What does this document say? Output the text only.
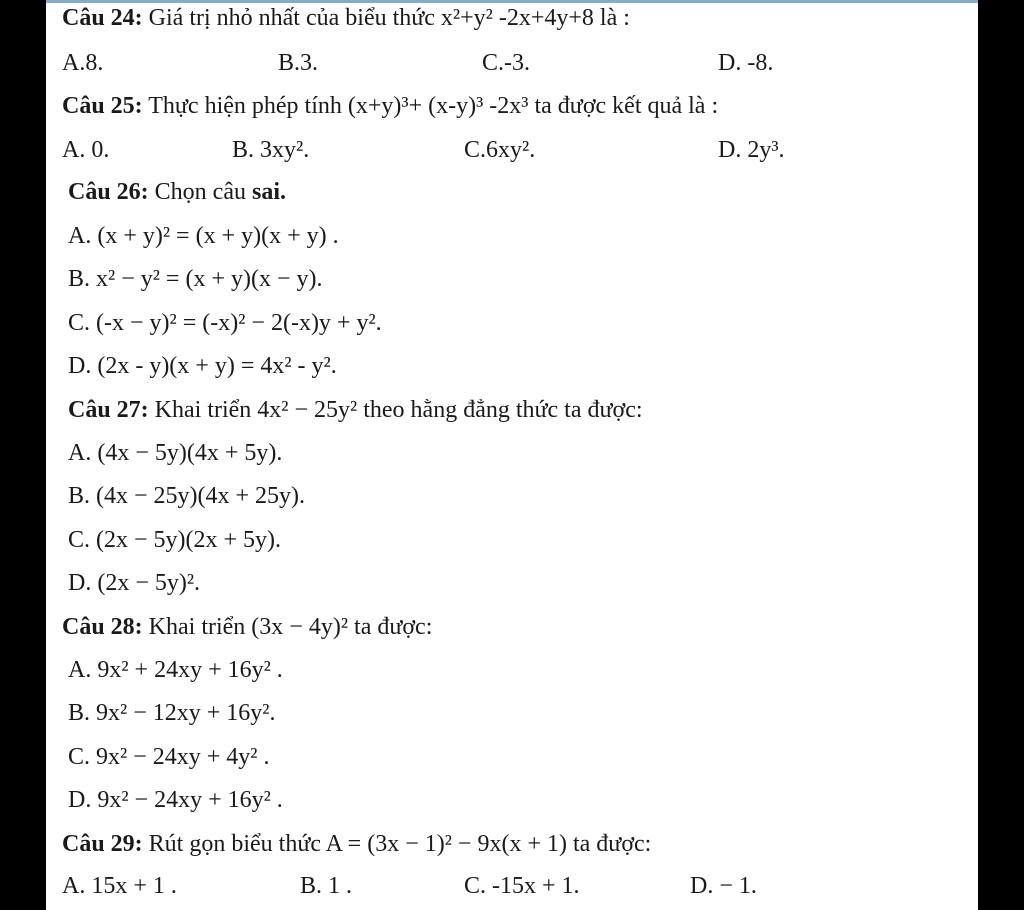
Câu 24: Giá trị nhỏ nhất của biểu thức x²+y² -2x+4y+8 là :
A.8.	B.3.	C.-3.	D. -8.
Câu 25: Thực hiện phép tính (x+y)³+ (x-y)³ -2x³ ta được kết quả là :
A. 0.	B. 3xy².	C.6xy².	D. 2y³.
Câu 26: Chọn câu sai.
A. (x + y)² = (x + y)(x + y) .
B. x² − y² = (x + y)(x − y).
C. (-x − y)² = (-x)² − 2(-x)y + y².
D. (2x - y)(x + y) = 4x² - y².
Câu 27: Khai triển 4x² − 25y² theo hằng đẳng thức ta được:
A. (4x − 5y)(4x + 5y).
B. (4x − 25y)(4x + 25y).
C. (2x − 5y)(2x + 5y).
D. (2x − 5y)².
Câu 28: Khai triển (3x − 4y)² ta được:
A. 9x² + 24xy + 16y² .
B. 9x² − 12xy + 16y².
C. 9x² − 24xy + 4y² .
D. 9x² − 24xy + 16y² .
Câu 29: Rút gọn biểu thức A = (3x − 1)² − 9x(x + 1) ta được:
A. 15x + 1 .	B. 1 .	C. -15x + 1.	D. − 1.
